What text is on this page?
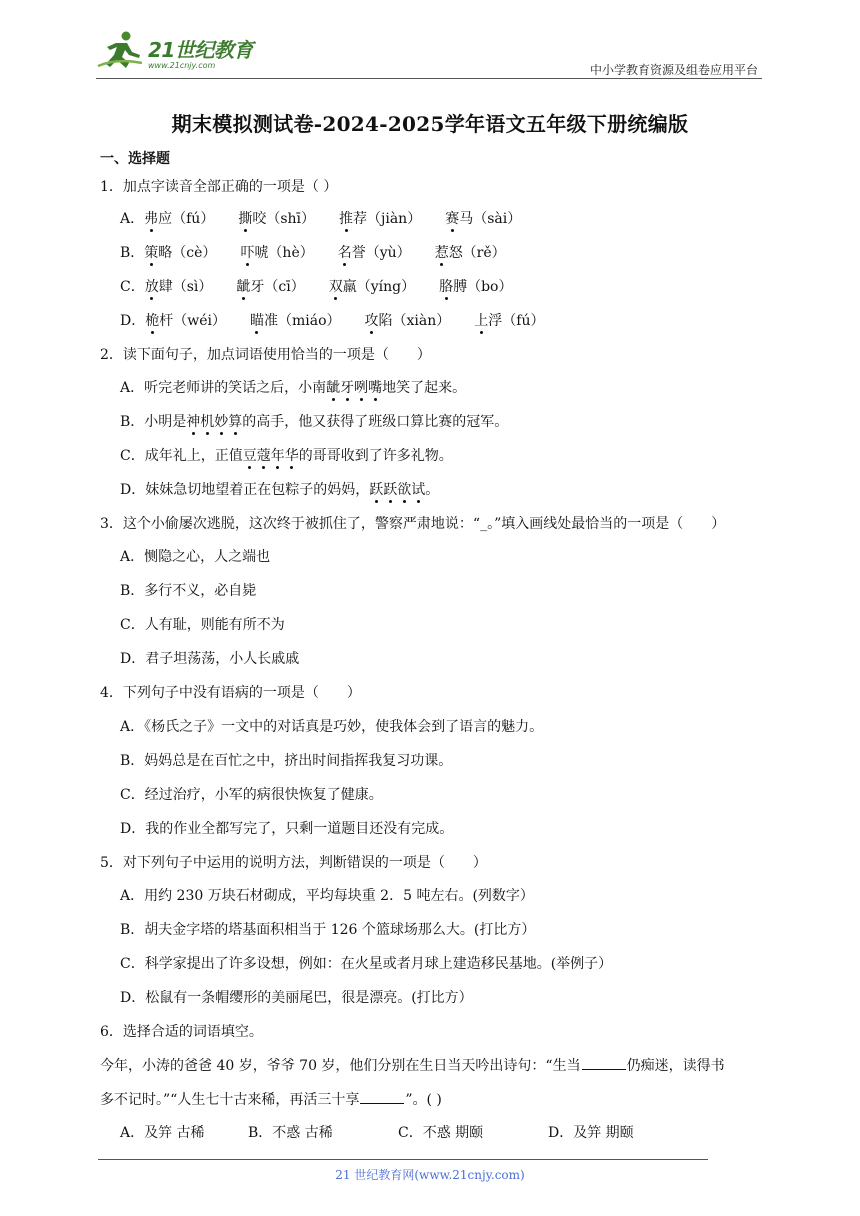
21世纪教育
www.21cnjy.com	中小学教育资源及组卷应用平台
期末模拟测试卷-2024-2025学年语文五年级下册统编版
一、选择题
1．加点字读音全部正确的一项是（ ）
A．弗应（fú） 撕咬（shī） 推荐（jiàn） 赛马（sài）
B．策略（cè） 吓唬（hè） 名誉（yù） 惹怒（rě）
C．放肆（sì） 龇牙（cī） 双羸（yíng） 胳膊（bo）
D．桅杆（wéi） 瞄准（miáo） 攻陷（xiàn） 上浮（fú）
2．读下面句子，加点词语使用恰当的一项是（　　）
A．听完老师讲的笑话之后，小南龇牙咧嘴地笑了起来。
B．小明是神机妙算的高手，他又获得了班级口算比赛的冠军。
C．成年礼上，正值豆蔻年华的哥哥收到了许多礼物。
D．妹妹急切地望着正在包粽子的妈妈，跃跃欲试。
3．这个小偷屡次逃脱，这次终于被抓住了，警察严肃地说：“_。”填入画线处最恰当的一项是（　　）
A．恻隐之心，人之端也
B．多行不义，必自毙
C．人有耻，则能有所不为
D．君子坦荡荡，小人长戚戚
4．下列句子中没有语病的一项是（　　）
A．《杨氏之子》一文中的对话真是巧妙，使我体会到了语言的魅力。
B．妈妈总是在百忙之中，挤出时间指挥我复习功课。
C．经过治疗，小军的病很快恢复了健康。
D．我的作业全都写完了，只剩一道题目还没有完成。
5．对下列句子中运用的说明方法，判断错误的一项是（　　）
A．用约 230 万块石材砌成，平均每块重 2．5 吨左右。(列数字）
B．胡夫金字塔的塔基面积相当于 126 个篮球场那么大。(打比方）
C．科学家提出了许多设想，例如：在火星或者月球上建造移民基地。(举例子）
D．松鼠有一条帽缨形的美丽尾巴，很是漂亮。(打比方）
6．选择合适的词语填空。
今年，小涛的爸爸 40 岁，爷爷 70 岁，他们分别在生日当天吟出诗句：“生当	仍痴迷，读得书
多不记时。”“人生七十古来稀，再活三十享	”。( )
A．及笄 古稀	B．不惑 古稀	C．不惑 期颐	D．及笄 期颐
21 世纪教育网(www.21cnjy.com)
